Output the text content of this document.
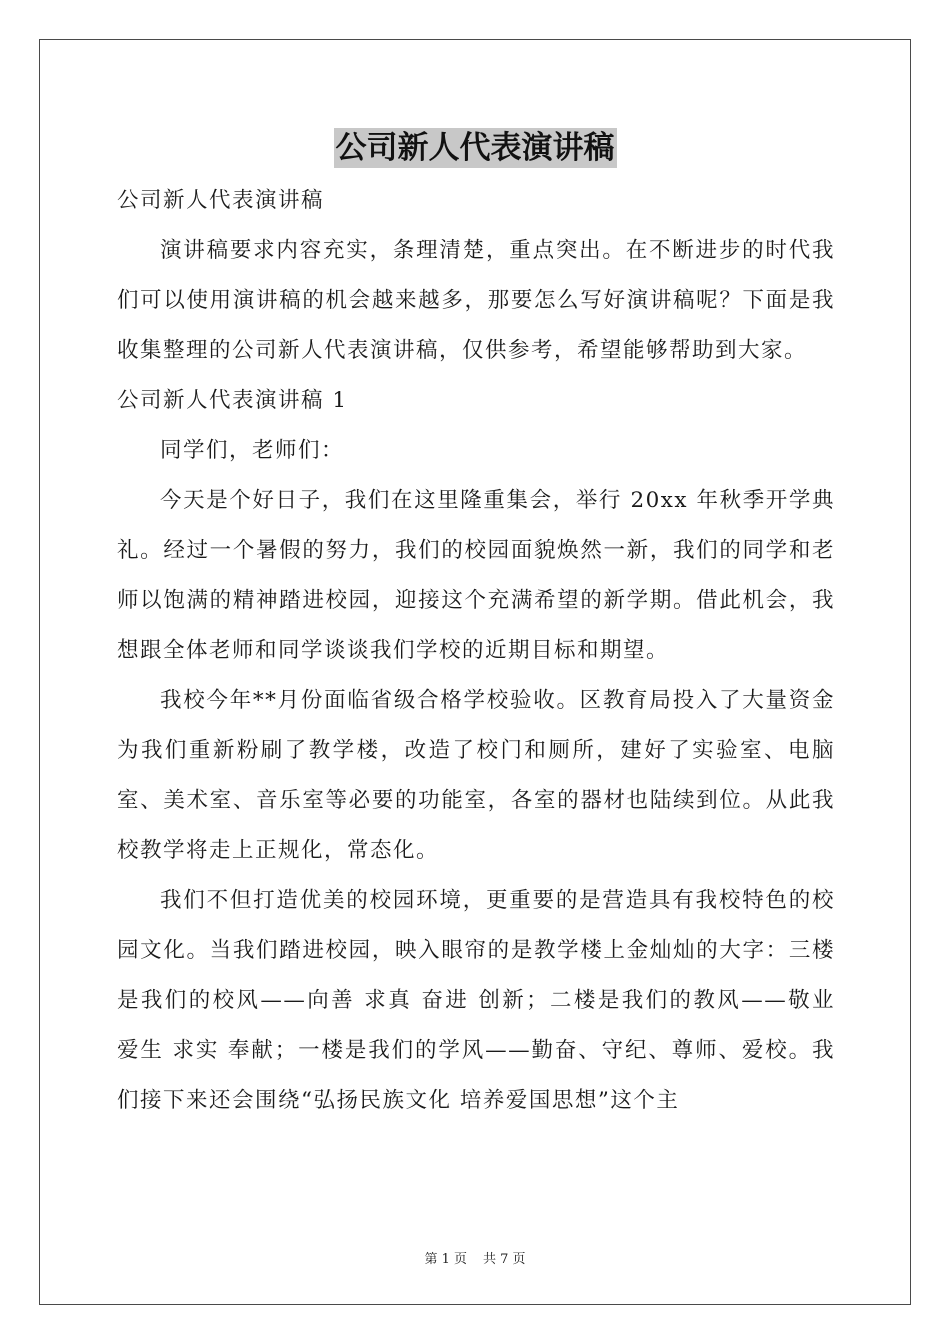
公司新人代表演讲稿

公司新人代表演讲稿

演讲稿要求内容充实，条理清楚，重点突出。在不断进步的时代我们可以使用演讲稿的机会越来越多，那要怎么写好演讲稿呢？下面是我收集整理的公司新人代表演讲稿，仅供参考，希望能够帮助到大家。

公司新人代表演讲稿 1

同学们，老师们：

今天是个好日子，我们在这里隆重集会，举行 20xx 年秋季开学典礼。经过一个暑假的努力，我们的校园面貌焕然一新，我们的同学和老师以饱满的精神踏进校园，迎接这个充满希望的新学期。借此机会，我想跟全体老师和同学谈谈我们学校的近期目标和期望。

我校今年**月份面临省级合格学校验收。区教育局投入了大量资金为我们重新粉刷了教学楼，改造了校门和厕所，建好了实验室、电脑室、美术室、音乐室等必要的功能室，各室的器材也陆续到位。从此我校教学将走上正规化，常态化。

我们不但打造优美的校园环境，更重要的是营造具有我校特色的校园文化。当我们踏进校园，映入眼帘的是教学楼上金灿灿的大字：三楼是我们的校风——向善 求真 奋进 创新；二楼是我们的教风——敬业 爱生 求实 奉献；一楼是我们的学风——勤奋、守纪、尊师、爱校。我们接下来还会围绕“弘扬民族文化 培养爱国思想”这个主

第 1 页 共 7 页
